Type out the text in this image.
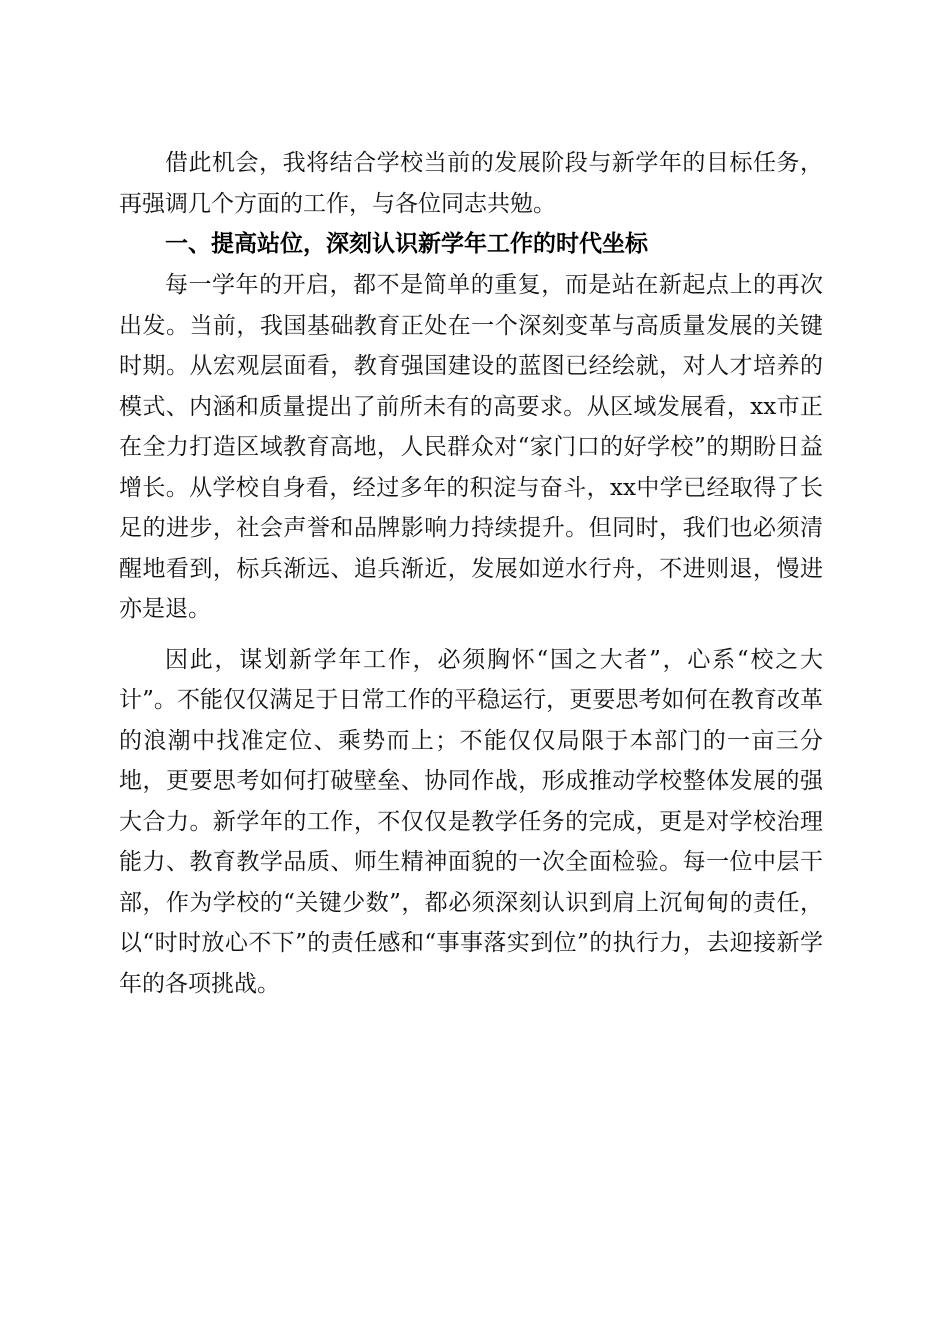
借此机会，我将结合学校当前的发展阶段与新学年的目标任务，再强调几个方面的工作，与各位同志共勉。

一、提高站位，深刻认识新学年工作的时代坐标

每一学年的开启，都不是简单的重复，而是站在新起点上的再次出发。当前，我国基础教育正处在一个深刻变革与高质量发展的关键时期。从宏观层面看，教育强国建设的蓝图已经绘就，对人才培养的模式、内涵和质量提出了前所未有的高要求。从区域发展看，xx市正在全力打造区域教育高地，人民群众对“家门口的好学校”的期盼日益增长。从学校自身看，经过多年的积淀与奋斗，xx中学已经取得了长足的进步，社会声誉和品牌影响力持续提升。但同时，我们也必须清醒地看到，标兵渐远、追兵渐近，发展如逆水行舟，不进则退，慢进亦是退。

因此，谋划新学年工作，必须胸怀“国之大者”，心系“校之大计”。不能仅仅满足于日常工作的平稳运行，更要思考如何在教育改革的浪潮中找准定位、乘势而上；不能仅仅局限于本部门的一亩三分地，更要思考如何打破壁垒、协同作战，形成推动学校整体发展的强大合力。新学年的工作，不仅仅是教学任务的完成，更是对学校治理能力、教育教学品质、师生精神面貌的一次全面检验。每一位中层干部，作为学校的“关键少数”，都必须深刻认识到肩上沉甸甸的责任，以“时时放心不下”的责任感和“事事落实到位”的执行力，去迎接新学年的各项挑战。
